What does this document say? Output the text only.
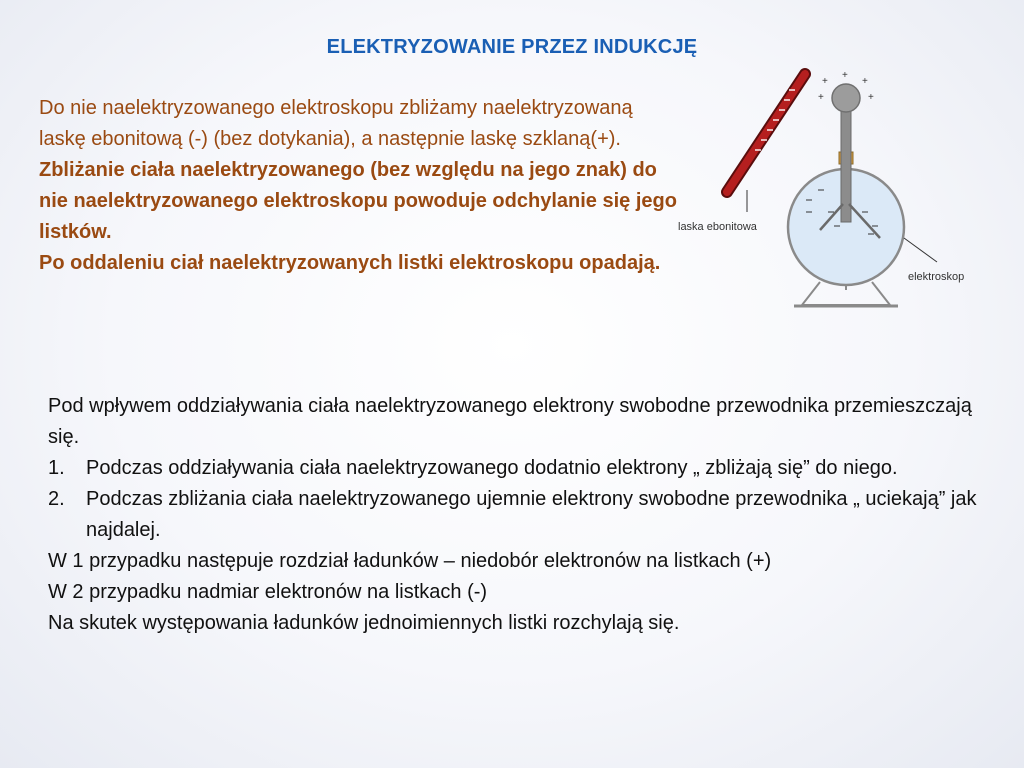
ELEKTRYZOWANIE PRZEZ INDUKCJĘ

Do nie naelektryzowanego elektroskopu zbliżamy naelektryzowaną laskę ebonitową (-) (bez dotykania), a następnie laskę szklaną(+).

Zbliżanie ciała naelektryzowanego (bez względu na jego znak) do nie naelektryzowanego elektroskopu powoduje odchylanie się jego listków.

Po oddaleniu ciał naelektryzowanych listki elektroskopu opadają.

laska ebonitowa
+
+
+
+
+
elektroskop

Pod wpływem oddziaływania ciała naelektryzowanego elektrony swobodne przewodnika przemieszczają się.

1. Podczas oddziaływania ciała naelektryzowanego dodatnio elektrony „ zbliżają się” do niego.
2. Podczas zbliżania ciała naelektryzowanego ujemnie elektrony swobodne przewodnika „ uciekają” jak najdalej.

W 1 przypadku następuje rozdział ładunków – niedobór elektronów na listkach (+)

W 2 przypadku nadmiar elektronów na listkach (-)

Na skutek występowania ładunków jednoimiennych listki rozchylają się.
